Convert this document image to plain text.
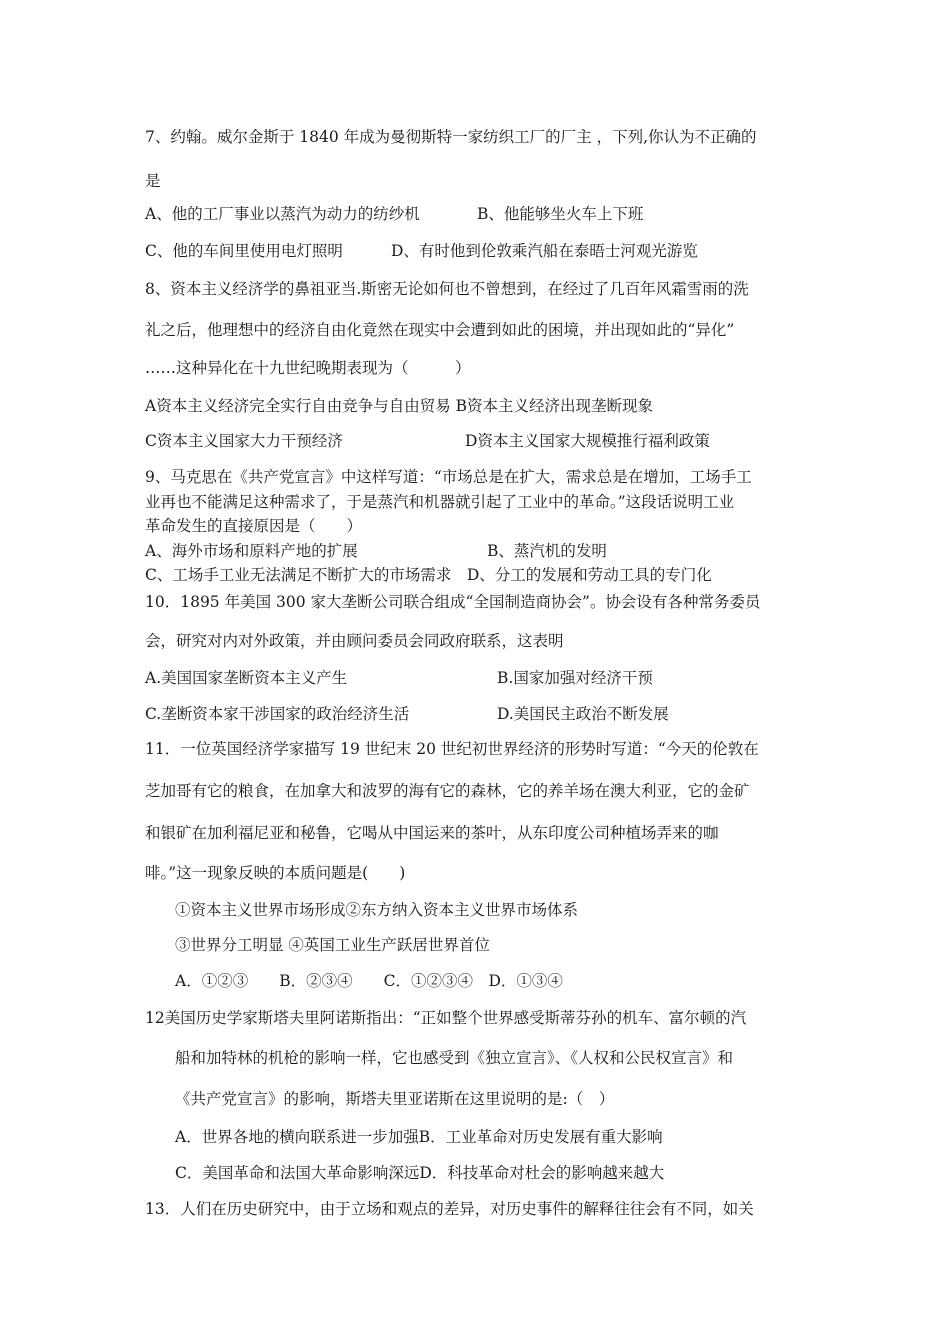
7、约翰。威尔金斯于 1840 年成为曼彻斯特一家纺织工厂的厂主 ，下列,你认为不正确的
是
A、他的工厂事业以蒸汽为动力的纺纱机	B、他能够坐火车上下班
C、他的车间里使用电灯照明	D、有时他到伦敦乘汽船在泰晤士河观光游览
8、资本主义经济学的鼻祖亚当.斯密无论如何也不曾想到，在经过了几百年风霜雪雨的洗
礼之后，他理想中的经济自由化竟然在现实中会遭到如此的困境，并出现如此的“异化”
……这种异化在十九世纪晚期表现为（　　　）
A资本主义经济完全实行自由竞争与自由贸易 B资本主义经济出现垄断现象
C资本主义国家大力干预经济	D资本主义国家大规模推行福利政策
9、马克思在《共产党宣言》中这样写道：“市场总是在扩大，需求总是在增加，工场手工
业再也不能满足这种需求了，于是蒸汽和机器就引起了工业中的革命。”这段话说明工业
革命发生的直接原因是（　　）
A、海外市场和原料产地的扩展	B、蒸汽机的发明
C、工场手工业无法满足不断扩大的市场需求　D、分工的发展和劳动工具的专门化
10．1895 年美国 300 家大垄断公司联合组成“全国制造商协会”。协会设有各种常务委员
会，研究对内对外政策，并由顾问委员会同政府联系，这表明
A.美国国家垄断资本主义产生	B.国家加强对经济干预
C.垄断资本家干涉国家的政治经济生活	D.美国民主政治不断发展
11．一位英国经济学家描写 19 世纪末 20 世纪初世界经济的形势时写道：“今天的伦敦在
芝加哥有它的粮食，在加拿大和波罗的海有它的森林，它的养羊场在澳大利亚，它的金矿
和银矿在加利福尼亚和秘鲁，它喝从中国运来的茶叶，从东印度公司种植场弄来的咖
啡。”这一现象反映的本质问题是(　　)
①资本主义世界市场形成②东方纳入资本主义世界市场体系
③世界分工明显 ④英国工业生产跃居世界首位
A．①②③　　B．②③④　　C．①②③④　D．①③④
12美国历史学家斯塔夫里阿诺斯指出：“正如整个世界感受斯蒂芬孙的机车、富尔顿的汽
船和加特林的机枪的影响一样，它也感受到《独立宣言》、《人权和公民权宣言》和
《共产党宣言》的影响，斯塔夫里亚诺斯在这里说明的是:（　）
A．世界各地的横向联系进一步加强B．工业革命对历史发展有重大影响
C．美国革命和法国大革命影响深远D．科技革命对杜会的影响越来越大
13．人们在历史研究中，由于立场和观点的差异，对历史事件的解释往往会有不同，如关
